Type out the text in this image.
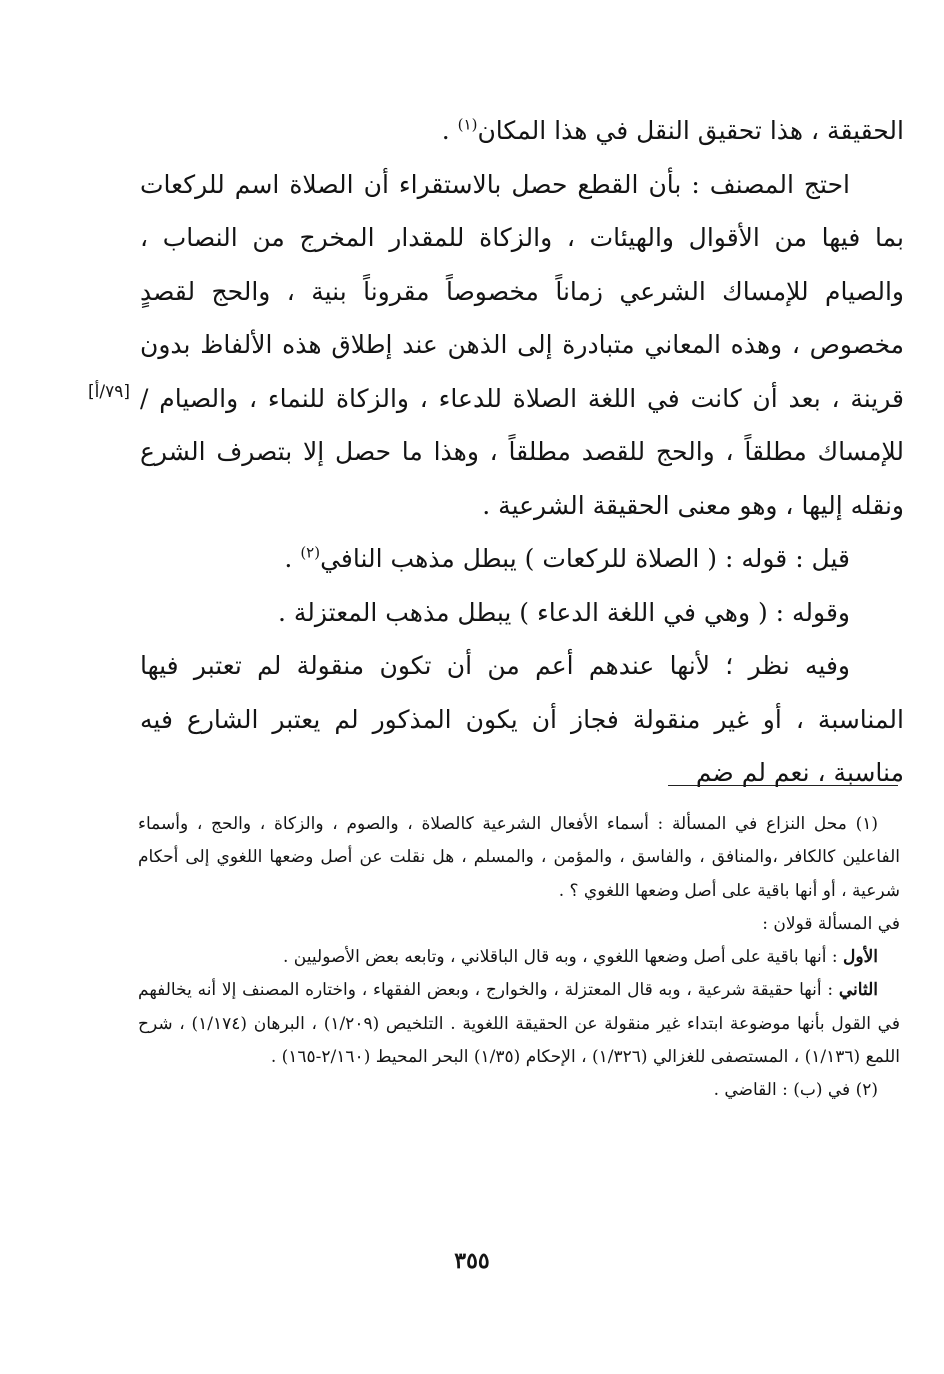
الحقيقة ، هذا تحقيق النقل في هذا المكان$^{(١)}$ .

احتج المصنف : بأن القطع حصل بالاستقراء أن الصلاة اسم للركعات بما فيها من الأقوال والهيئات ، والزكاة للمقدار المخرج من النصاب ، والصيام للإمساك الشرعي زماناً مخصوصاً مقروناً بنية ، والحج لقصدٍ مخصوص ، وهذه المعاني متبادرة إلى الذهن عند إطلاق هذه الألفاظ بدون قرينة ، بعد أن كانت في اللغة الصلاة للدعاء ، والزكاة للنماء ، والصيام / للإمساك مطلقاً ، والحج للقصد مطلقاً ، وهذا ما حصل إلا بتصرف الشرع ونقله إليها ، وهو معنى الحقيقة الشرعية .

قيل : قوله : ( الصلاة للركعات ) يبطل مذهب النافي$^{(٢)}$ .

وقوله : ( وهي في اللغة الدعاء ) يبطل مذهب المعتزلة .

وفيه نظر ؛ لأنها عندهم أعم من أن تكون منقولة لم تعتبر فيها المناسبة ، أو غير منقولة فجاز أن يكون المذكور لم يعتبر الشارع فيه مناسبة ، نعم لم ضم

[٧٩/أ]

(١) محل النزاع في المسألة : أسماء الأفعال الشرعية كالصلاة ، والصوم ، والزكاة ، والحج ، وأسماء الفاعلين كالكافر ،والمنافق ، والفاسق ، والمؤمن ، والمسلم ، هل نقلت عن أصل وضعها اللغوي إلى أحكام شرعية ، أو أنها باقية على أصل وضعها اللغوي ؟ .

في المسألة قولان :

الأول : أنها باقية على أصل وضعها اللغوي ، وبه قال الباقلاني ، وتابعه بعض الأصوليين .

الثاني : أنها حقيقة شرعية ، وبه قال المعتزلة ، والخوارج ، وبعض الفقهاء ، واختاره المصنف إلا أنه يخالفهم في القول بأنها موضوعة ابتداء غير منقولة عن الحقيقة اللغوية . التلخيص (١/٢٠٩) ، البرهان (١/١٧٤) ، شرح اللمع (١/١٣٦) ، المستصفى للغزالي (١/٣٢٦) ، الإحكام (١/٣٥) البحر المحيط (٢/١٦٠-١٦٥) .

(٢) في (ب) : القاضي .

٣٥٥
